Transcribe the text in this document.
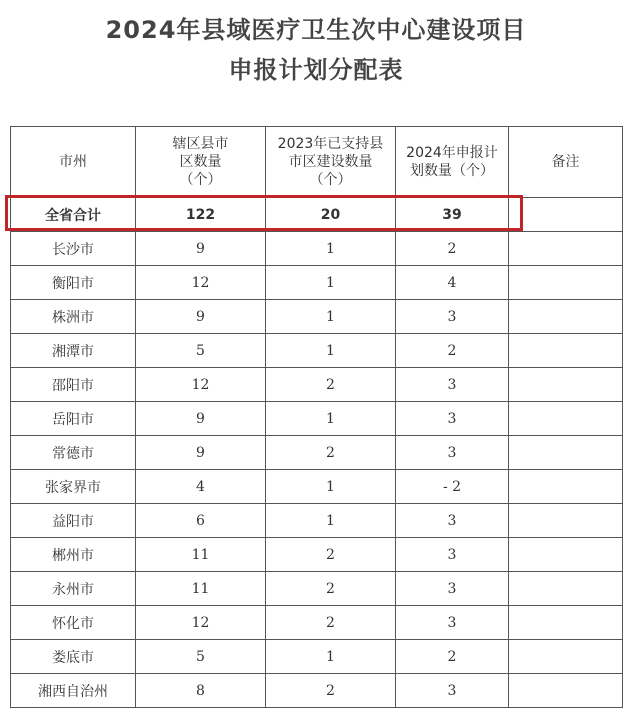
2024年县域医疗卫生次中心建设项目
申报计划分配表
市州	辖区县市区数量（个）	2023年已支持县市区建设数量（个）	2024年申报计划数量（个）	备注
全省合计	122	20	39	
长沙市	9	1	2	
衡阳市	12	1	4	
株洲市	9	1	3	
湘潭市	5	1	2	
邵阳市	12	2	3	
岳阳市	9	1	3	
常德市	9	2	3	
张家界市	4	1	- 2	
益阳市	6	1	3	
郴州市	11	2	3	
永州市	11	2	3	
怀化市	12	2	3	
娄底市	5	1	2	
湘西自治州	8	2	3	
